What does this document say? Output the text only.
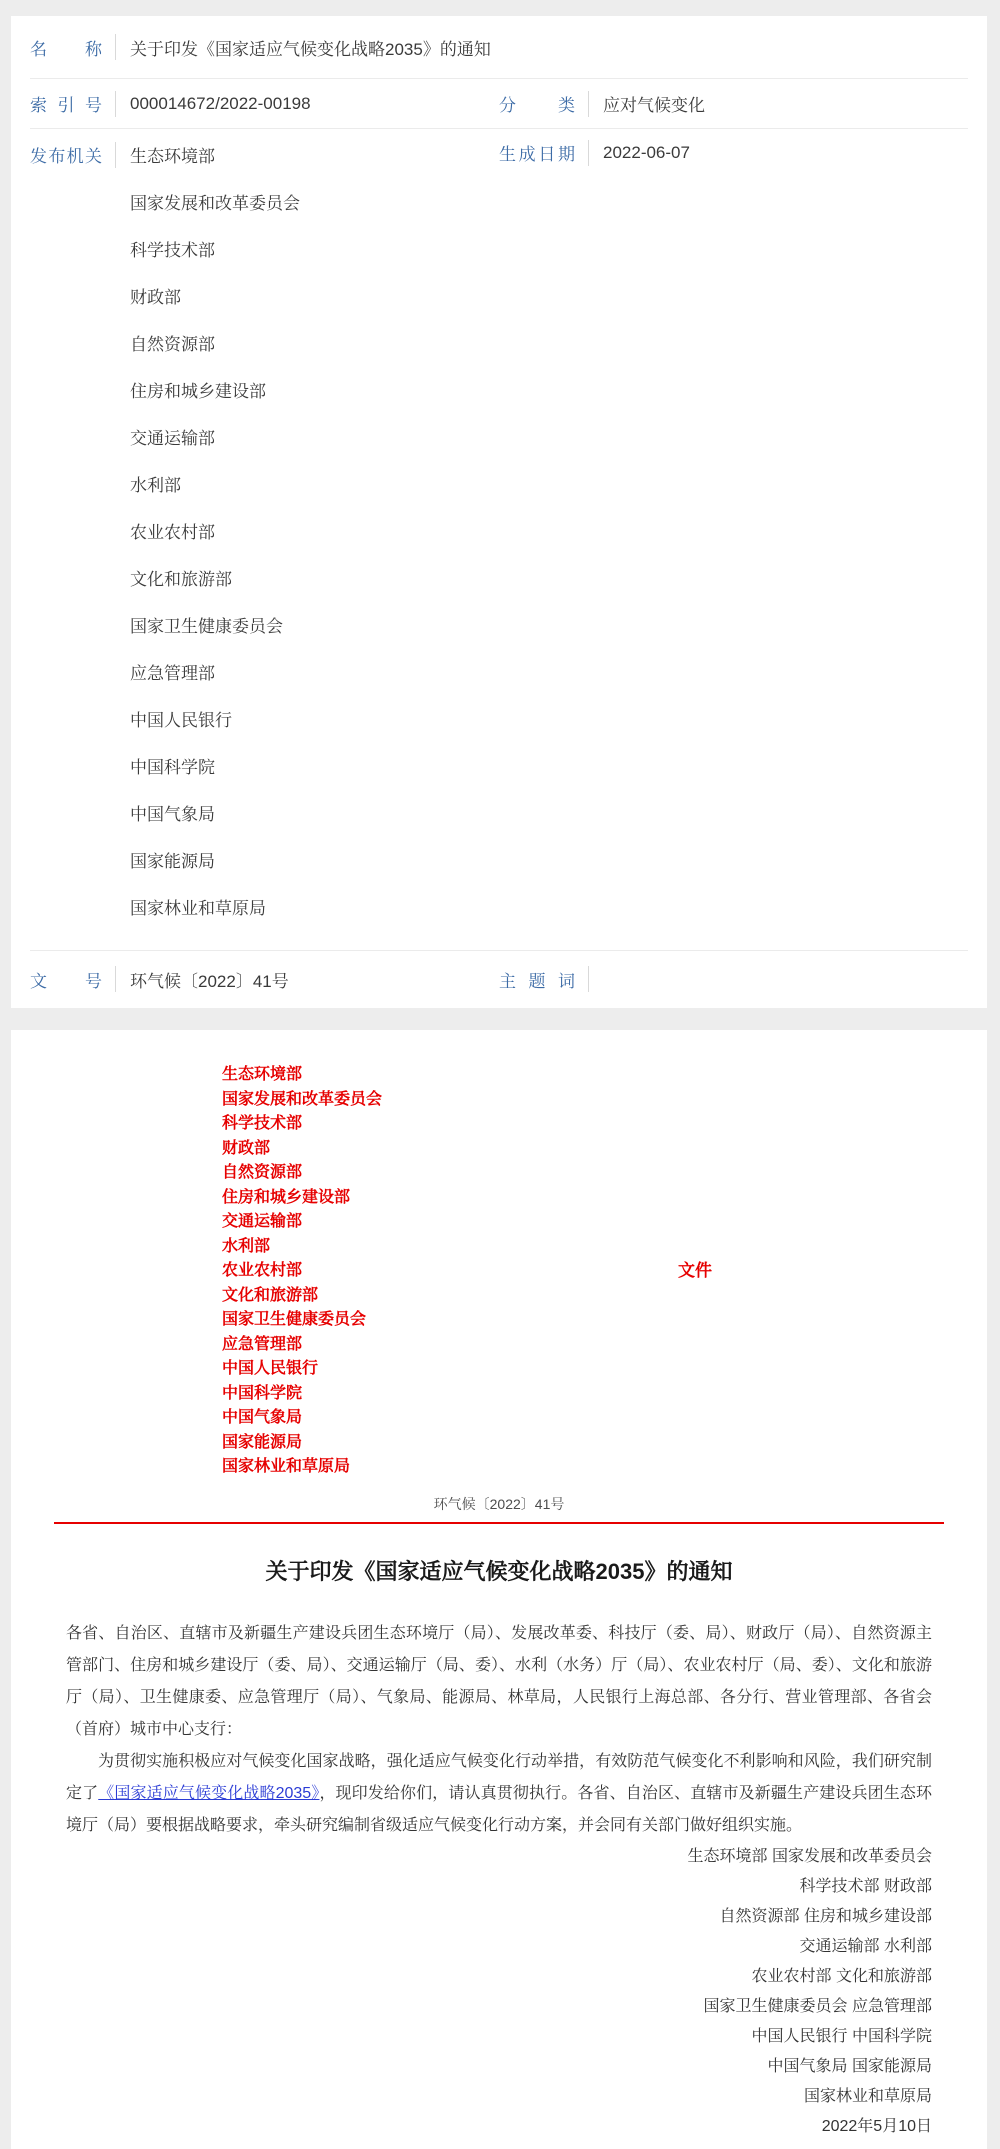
名称 关于印发《国家适应气候变化战略2035》的通知
索引号 000014672/2022-00198	分类 应对气候变化
发布机关 生态环境部
国家发展和改革委员会
科学技术部
财政部
自然资源部
住房和城乡建设部
交通运输部
水利部
农业农村部
文化和旅游部
国家卫生健康委员会
应急管理部
中国人民银行
中国科学院
中国气象局
国家能源局
国家林业和草原局
生成日期 2022-06-07
文号 环气候〔2022〕41号	主题词
生态环境部
国家发展和改革委员会
科学技术部
财政部
自然资源部
住房和城乡建设部
交通运输部
水利部
农业农村部
文化和旅游部
国家卫生健康委员会
应急管理部
中国人民银行
中国科学院
中国气象局
国家能源局
国家林业和草原局
文件
环气候〔2022〕41号
关于印发《国家适应气候变化战略2035》的通知

各省、自治区、直辖市及新疆生产建设兵团生态环境厅（局）、发展改革委、科技厅（委、局）、财政厅（局）、自然资源主管部门、住房和城乡建设厅（委、局）、交通运输厅（局、委）、水利（水务）厅（局）、农业农村厅（局、委）、文化和旅游厅（局）、卫生健康委、应急管理厅（局）、气象局、能源局、林草局，人民银行上海总部、各分行、营业管理部、各省会（首府）城市中心支行：

为贯彻实施积极应对气候变化国家战略，强化适应气候变化行动举措，有效防范气候变化不利影响和风险，我们研究制定了《国家适应气候变化战略2035》，现印发给你们，请认真贯彻执行。各省、自治区、直辖市及新疆生产建设兵团生态环境厅（局）要根据战略要求，牵头研究编制省级适应气候变化行动方案，并会同有关部门做好组织实施。

生态环境部 国家发展和改革委员会
科学技术部 财政部
自然资源部 住房和城乡建设部
交通运输部 水利部
农业农村部 文化和旅游部
国家卫生健康委员会 应急管理部
中国人民银行 中国科学院
中国气象局 国家能源局
国家林业和草原局
2022年5月10日
